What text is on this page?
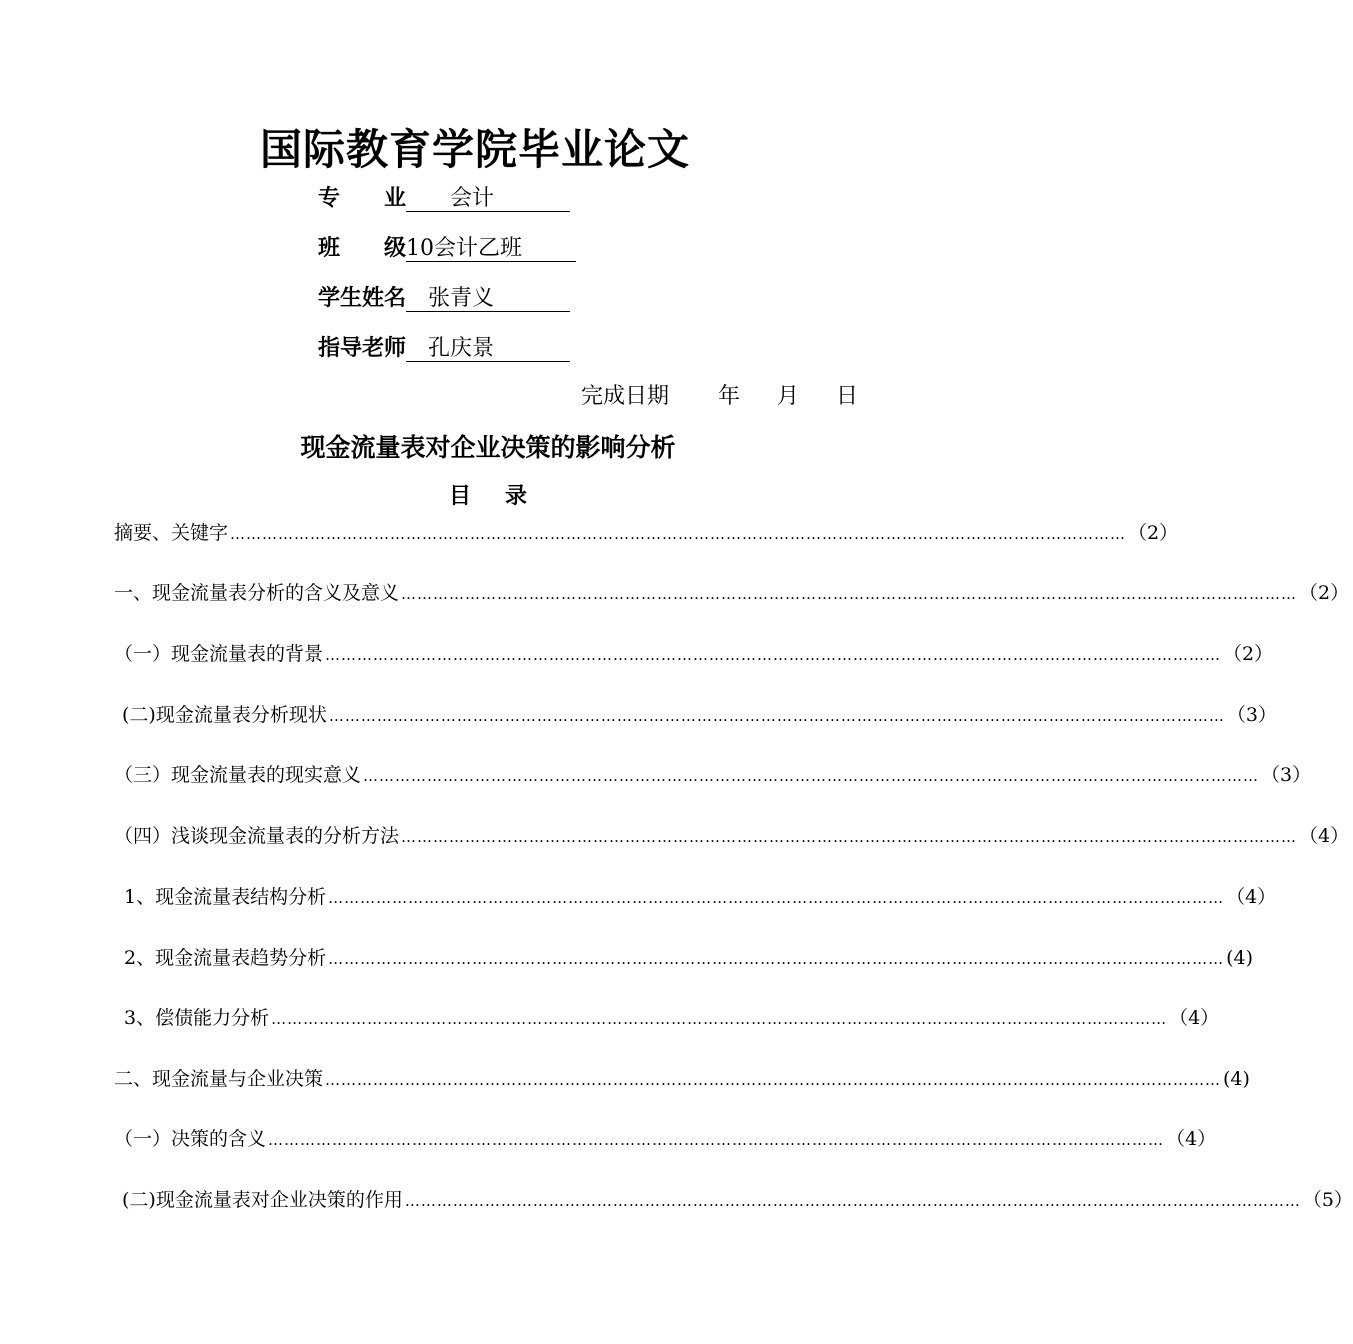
国际教育学院毕业论文
专　　业　　会计　　　
班　　级10会计乙班
学生姓名　张青义　　　
指导老师　孔庆景　　　
完成日期 年 月 日
现金流量表对企业决策的影响分析
目录
摘要、关键字 …………………………………………………………………………………………………………………………………………………… （2）
一、现金流量表分析的含义及意义 …………………………………………………………………………………………………………………………………………………… （2）
（一）现金流量表的背景 …………………………………………………………………………………………………………………………………………………… （2）
(二)现金流量表分析现状 …………………………………………………………………………………………………………………………………………………… （3）
（三）现金流量表的现实意义 …………………………………………………………………………………………………………………………………………………… （3）
（四）浅谈现金流量表的分析方法 …………………………………………………………………………………………………………………………………………………… （4）
1、现金流量表结构分析 …………………………………………………………………………………………………………………………………………………… （4）
2、现金流量表趋势分析 …………………………………………………………………………………………………………………………………………………… (4)
3、偿债能力分析 …………………………………………………………………………………………………………………………………………………… （4）
二、现金流量与企业决策 …………………………………………………………………………………………………………………………………………………… (4)
（一）决策的含义 …………………………………………………………………………………………………………………………………………………… （4）
(二)现金流量表对企业决策的作用 …………………………………………………………………………………………………………………………………………………… （5）
